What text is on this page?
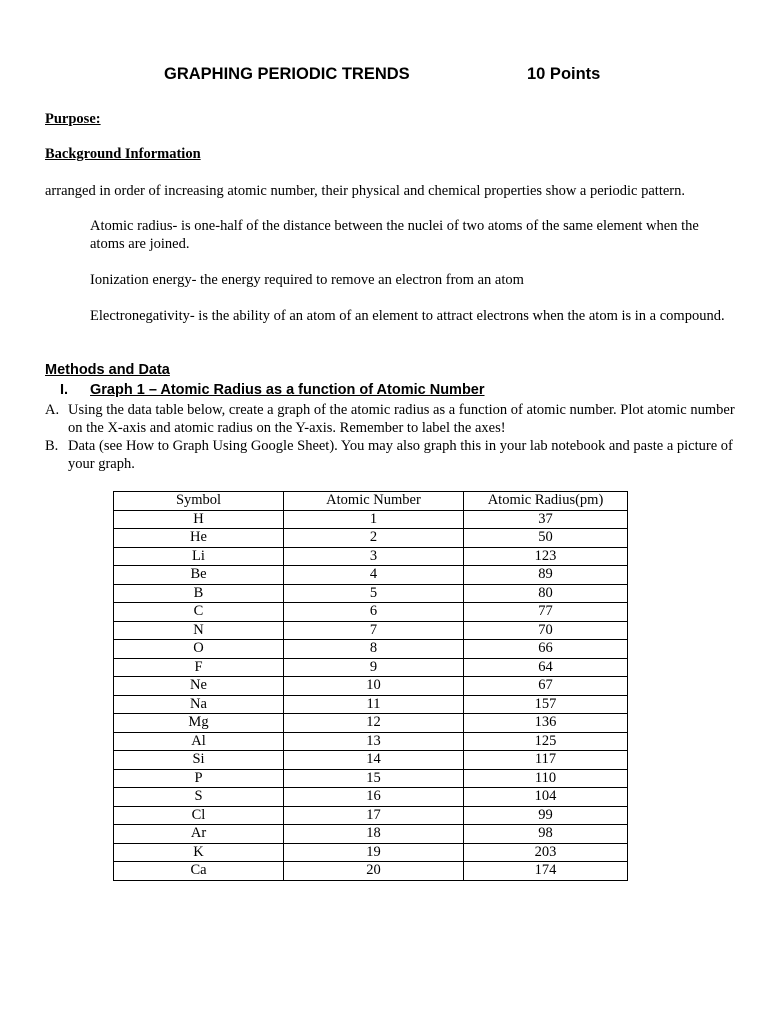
GRAPHING PERIODIC TRENDS	10 Points
Purpose:
Background Information
arranged in order of increasing atomic number, their physical and chemical properties show a periodic pattern.
Atomic radius- is one-half of the distance between the nuclei of two atoms of the same element when the atoms are joined.
Ionization energy- the energy required to remove an electron from an atom
Electronegativity- is the ability of an atom of an element to attract electrons when the atom is in a compound.
Methods and Data
I. Graph 1 – Atomic Radius as a function of Atomic Number
A. Using the data table below, create a graph of the atomic radius as a function of atomic number. Plot atomic number on the X-axis and atomic radius on the Y-axis. Remember to label the axes!
B. Data (see How to Graph Using Google Sheet). You may also graph this in your lab notebook and paste a picture of your graph.
Symbol	Atomic Number	Atomic Radius(pm)
H	1	37
He	2	50
Li	3	123
Be	4	89
B	5	80
C	6	77
N	7	70
O	8	66
F	9	64
Ne	10	67
Na	11	157
Mg	12	136
Al	13	125
Si	14	117
P	15	110
S	16	104
Cl	17	99
Ar	18	98
K	19	203
Ca	20	174
